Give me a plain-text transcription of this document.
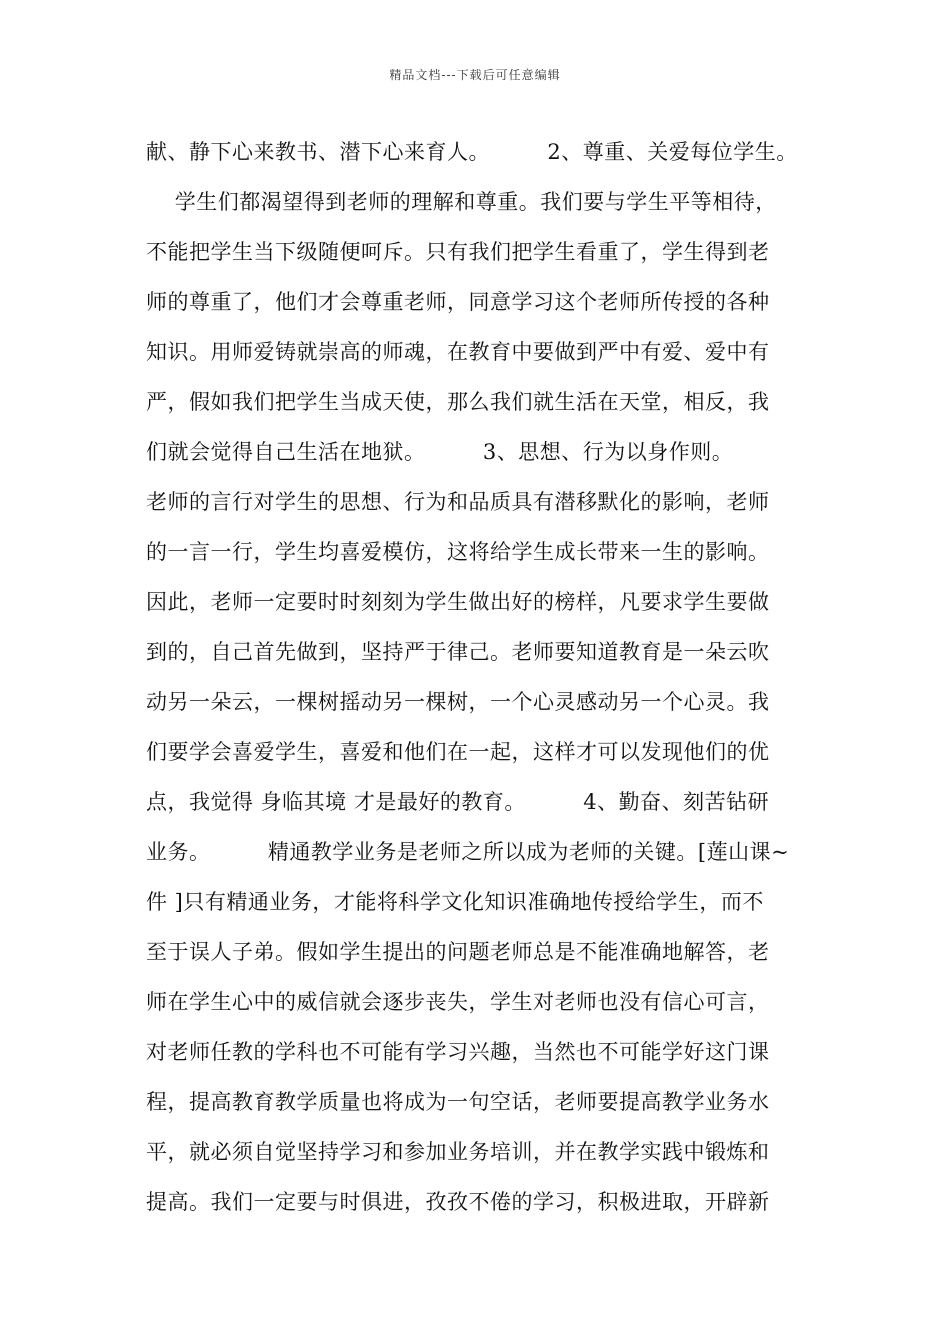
精品文档---下载后可任意编辑
献、静下心来教书、潜下心来育人。        2、尊重、关爱每位学生。
学生们都渴望得到老师的理解和尊重。我们要与学生平等相待，
不能把学生当下级随便呵斥。只有我们把学生看重了，学生得到老
师的尊重了，他们才会尊重老师，同意学习这个老师所传授的各种
知识。用师爱铸就崇高的师魂，在教育中要做到严中有爱、爱中有
严，假如我们把学生当成天使，那么我们就生活在天堂，相反，我
们就会觉得自己生活在地狱。        3、思想、行为以身作则。
老师的言行对学生的思想、行为和品质具有潜移默化的影响，老师
的一言一行，学生均喜爱模仿，这将给学生成长带来一生的影响。
因此，老师一定要时时刻刻为学生做出好的榜样，凡要求学生要做
到的，自己首先做到，坚持严于律己。老师要知道教育是一朵云吹
动另一朵云，一棵树摇动另一棵树，一个心灵感动另一个心灵。我
们要学会喜爱学生，喜爱和他们在一起，这样才可以发现他们的优
点，我觉得 身临其境 才是最好的教育。        4、勤奋、刻苦钻研
业务。        精通教学业务是老师之所以成为老师的关键。[莲山课~
件 ]只有精通业务，才能将科学文化知识准确地传授给学生，而不
至于误人子弟。假如学生提出的问题老师总是不能准确地解答，老
师在学生心中的威信就会逐步丧失，学生对老师也没有信心可言，
对老师任教的学科也不可能有学习兴趣，当然也不可能学好这门课
程，提高教育教学质量也将成为一句空话，老师要提高教学业务水
平，就必须自觉坚持学习和参加业务培训，并在教学实践中锻炼和
提高。我们一定要与时俱进，孜孜不倦的学习，积极进取，开辟新
